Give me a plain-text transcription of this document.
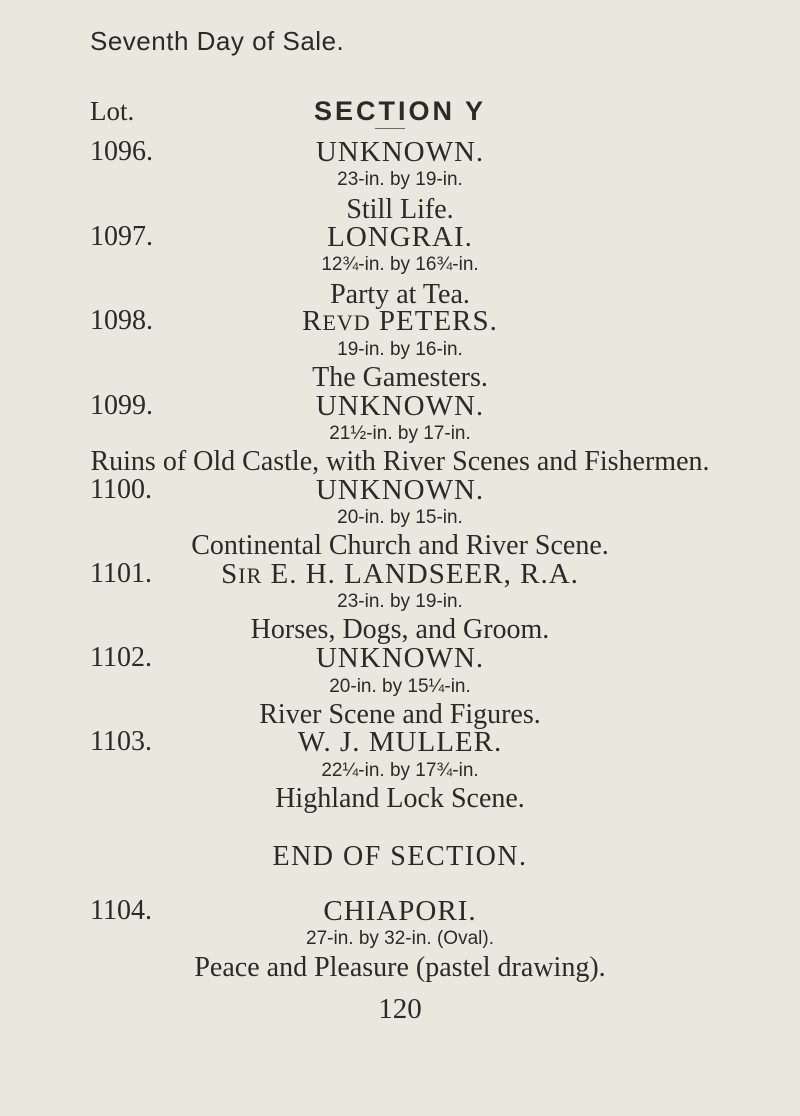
Seventh Day of Sale.
Lot.	SECTION Y
1096.	UNKNOWN.
23-in. by 19-in.
Still Life.
1097.	LONGRAI.
12¾-in. by 16¾-in.
Party at Tea.
1098.	REVD PETERS.
19-in. by 16-in.
The Gamesters.
1099.	UNKNOWN.
21½-in. by 17-in.
Ruins of Old Castle, with River Scenes and Fishermen.
1100.	UNKNOWN.
20-in. by 15-in.
Continental Church and River Scene.
1101.	SIR E. H. LANDSEER, R.A.
23-in. by 19-in.
Horses, Dogs, and Groom.
1102.	UNKNOWN.
20-in. by 15¼-in.
River Scene and Figures.
1103.	W. J. MULLER.
22¼-in. by 17¾-in.
Highland Lock Scene.
END OF SECTION.
1104.	CHIAPORI.
27-in. by 32-in. (Oval).
Peace and Pleasure (pastel drawing).
120
